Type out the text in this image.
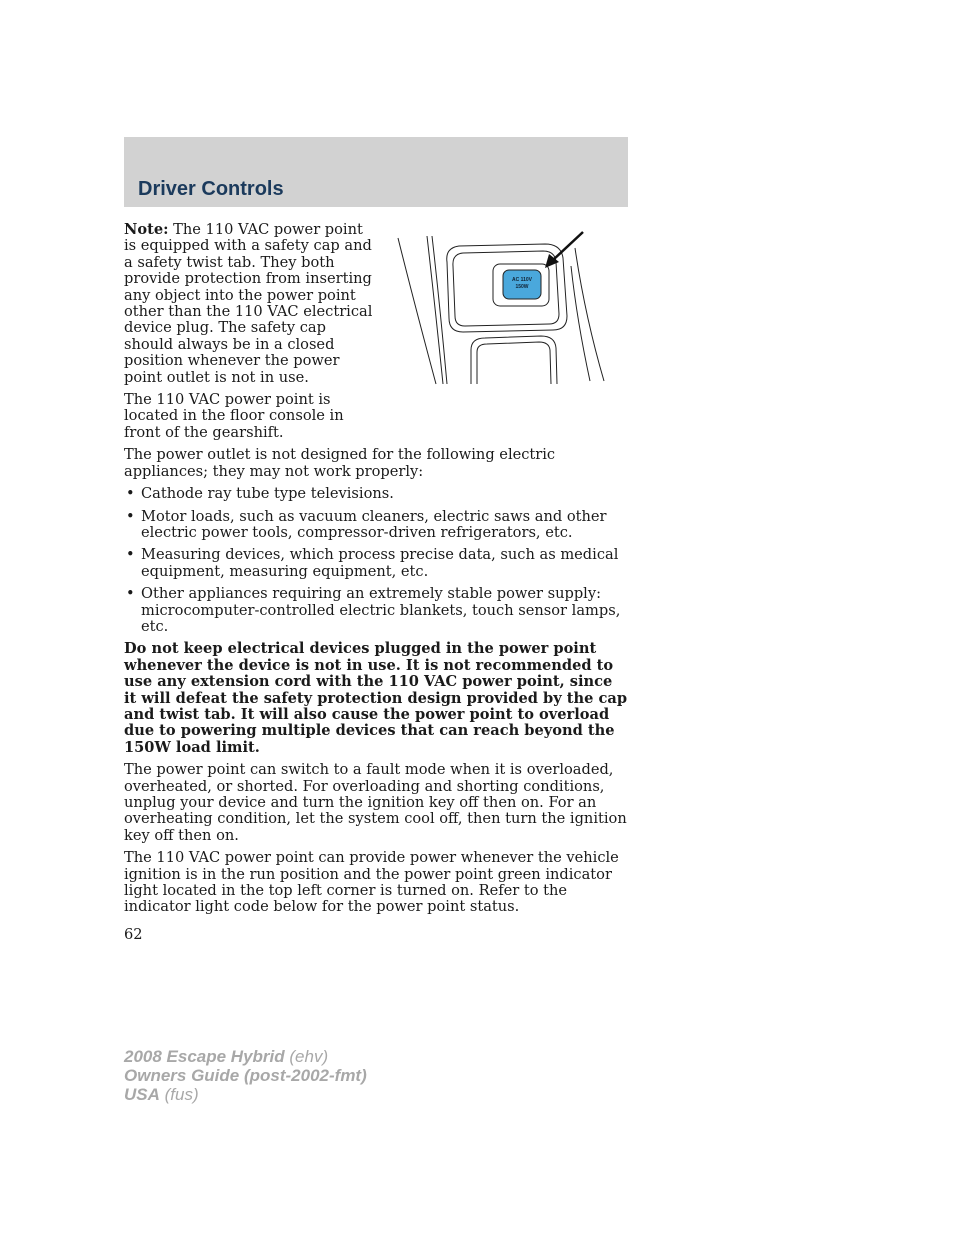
Driver Controls
AC 110V
150W

Note: The 110 VAC power point is equipped with a safety cap and a safety twist tab. They both provide protection from inserting any object into the power point other than the 110 VAC electrical device plug. The safety cap should always be in a closed position whenever the power point outlet is not in use.

The 110 VAC power point is located in the floor console in front of the gearshift.

The power outlet is not designed for the following electric appliances; they may not work properly:

• Cathode ray tube type televisions.
• Motor loads, such as vacuum cleaners, electric saws and other electric power tools, compressor-driven refrigerators, etc.
• Measuring devices, which process precise data, such as medical equipment, measuring equipment, etc.
• Other appliances requiring an extremely stable power supply: microcomputer-controlled electric blankets, touch sensor lamps, etc.

Do not keep electrical devices plugged in the power point whenever the device is not in use. It is not recommended to use any extension cord with the 110 VAC power point, since it will defeat the safety protection design provided by the cap and twist tab. It will also cause the power point to overload due to powering multiple devices that can reach beyond the 150W load limit.

The power point can switch to a fault mode when it is overloaded, overheated, or shorted. For overloading and shorting conditions, unplug your device and turn the ignition key off then on. For an overheating condition, let the system cool off, then turn the ignition key off then on.

The 110 VAC power point can provide power whenever the vehicle ignition is in the run position and the power point green indicator light located in the top left corner is turned on. Refer to the indicator light code below for the power point status.

62

2008 Escape Hybrid (ehv)
Owners Guide (post-2002-fmt)
USA (fus)
